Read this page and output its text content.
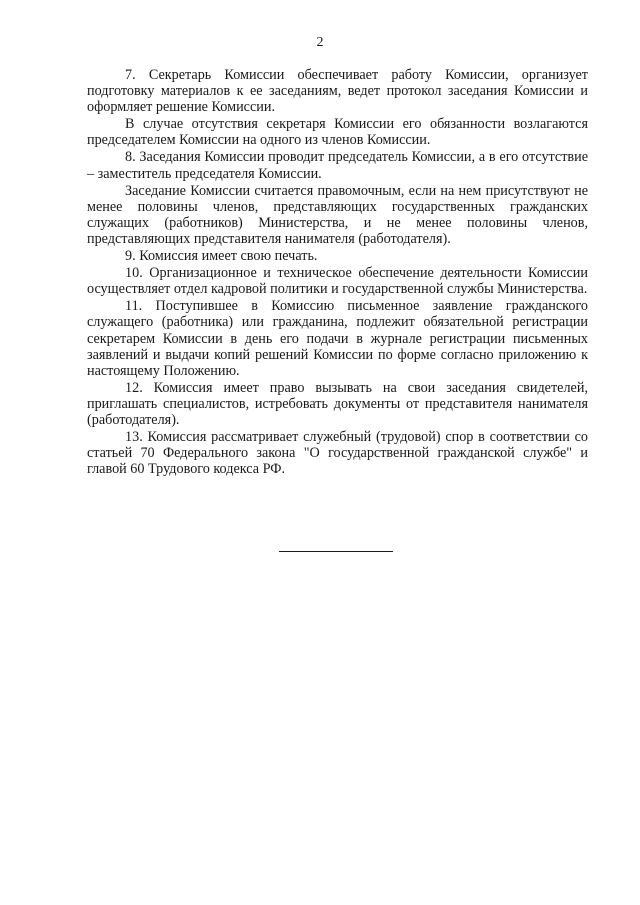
2

7. Секретарь Комиссии обеспечивает работу Комиссии, организует подготовку материалов к ее заседаниям, ведет протокол заседания Комиссии и оформляет решение Комиссии.

В случае отсутствия секретаря Комиссии его обязанности возлагаются председателем Комиссии на одного из членов Комиссии.

8. Заседания Комиссии проводит председатель Комиссии, а в его отсутствие – заместитель председателя Комиссии.

Заседание Комиссии считается правомочным, если на нем присутствуют не менее половины членов, представляющих государственных гражданских служащих (работников) Министерства, и не менее половины членов, представляющих представителя нанимателя (работодателя).

9. Комиссия имеет свою печать.

10. Организационное и техническое обеспечение деятельности Комиссии осуществляет отдел кадровой политики и государственной службы Министерства.

11. Поступившее в Комиссию письменное заявление гражданского служащего (работника) или гражданина, подлежит обязательной регистрации секретарем Комиссии в день его подачи в журнале регистрации письменных заявлений и выдачи копий решений Комиссии по форме согласно приложению к настоящему Положению.

12. Комиссия имеет право вызывать на свои заседания свидетелей, приглашать специалистов, истребовать документы от представителя нанимателя (работодателя).

13. Комиссия рассматривает служебный (трудовой) спор в соответствии со статьей 70 Федерального закона "О государственной гражданской службе" и главой 60 Трудового кодекса РФ.
